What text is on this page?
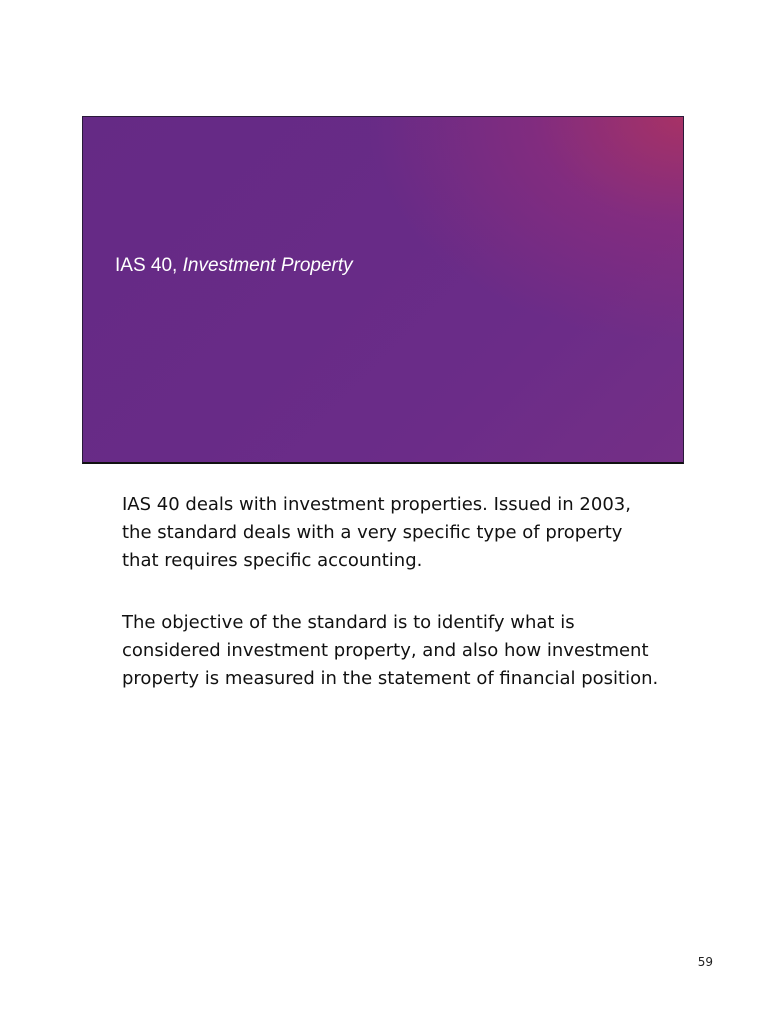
IAS 40, Investment Property

IAS 40 deals with investment properties. Issued in 2003, the standard deals with a very specific type of property that requires specific accounting.

The objective of the standard is to identify what is considered investment property, and also how investment property is measured in the statement of financial position.

59
